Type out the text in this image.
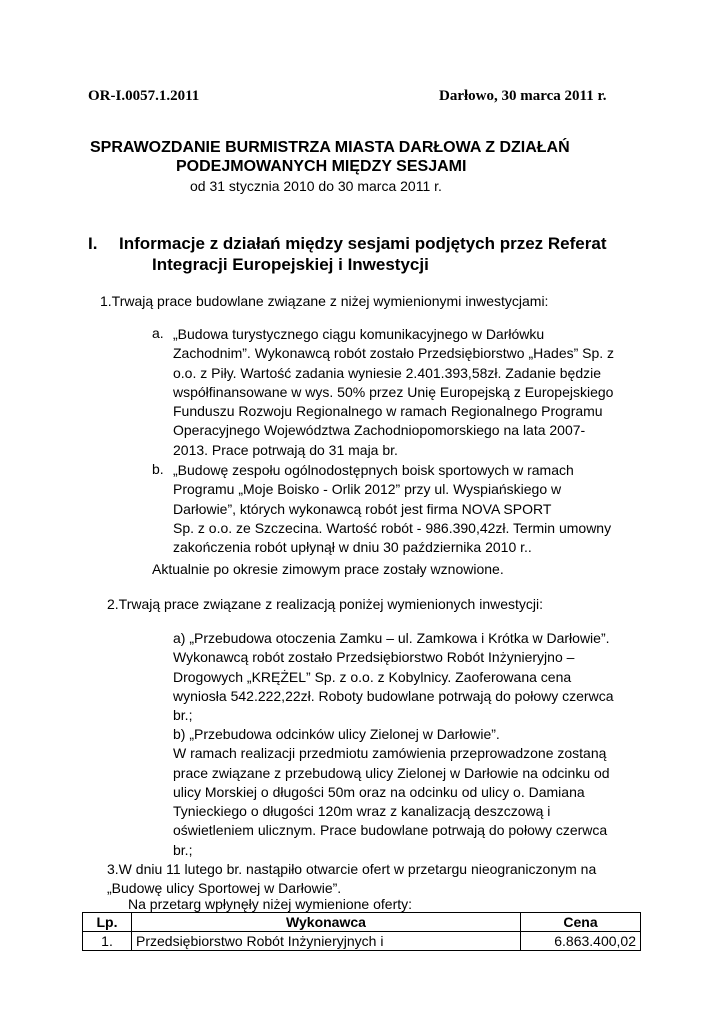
OR-I.0057.1.2011	Darłowo, 30 marca 2011 r.
SPRAWOZDANIE BURMISTRZA MIASTA DARŁOWA Z DZIAŁAŃ
PODEJMOWANYCH MIĘDZY SESJAMI
od 31 stycznia 2010 do 30 marca 2011 r.
I. Informacje z działań między sesjami podjętych przez Referat
Integracji Europejskiej i Inwestycji
1.Trwają prace budowlane związane z niżej wymienionymi inwestycjami:
a. „Budowa turystycznego ciągu komunikacyjnego w Darłówku
Zachodnim”. Wykonawcą robót zostało Przedsiębiorstwo „Hades” Sp. z
o.o. z Piły. Wartość zadania wyniesie 2.401.393,58zł. Zadanie będzie
współfinansowane w wys. 50% przez Unię Europejską z Europejskiego
Funduszu Rozwoju Regionalnego w ramach Regionalnego Programu
Operacyjnego Województwa Zachodniopomorskiego na lata 2007-
2013. Prace potrwają do 31 maja br.
b. „Budowę zespołu ogólnodostępnych boisk sportowych w ramach
Programu „Moje Boisko - Orlik 2012” przy ul. Wyspiańskiego w
Darłowie”, których wykonawcą robót jest firma NOVA SPORT
Sp. z o.o. ze Szczecina. Wartość robót - 986.390,42zł. Termin umowny
zakończenia robót upłynął w dniu 30 października 2010 r..
Aktualnie po okresie zimowym prace zostały wznowione.
2.Trwają prace związane z realizacją poniżej wymienionych inwestycji:
a) „Przebudowa otoczenia Zamku – ul. Zamkowa i Krótka w Darłowie”.
Wykonawcą robót zostało Przedsiębiorstwo Robót Inżynieryjno –
Drogowych „KRĘŻEL” Sp. z o.o. z Kobylnicy. Zaoferowana cena
wyniosła 542.222,22zł. Roboty budowlane potrwają do połowy czerwca
br.;
b) „Przebudowa odcinków ulicy Zielonej w Darłowie”.
W ramach realizacji przedmiotu zamówienia przeprowadzone zostaną
prace związane z przebudową ulicy Zielonej w Darłowie na odcinku od
ulicy Morskiej o długości 50m oraz na odcinku od ulicy o. Damiana
Tynieckiego o długości 120m wraz z kanalizacją deszczową i
oświetleniem ulicznym. Prace budowlane potrwają do połowy czerwca
br.;
3.W dniu 11 lutego br. nastąpiło otwarcie ofert w przetargu nieograniczonym na
„Budowę ulicy Sportowej w Darłowie”.
Na przetarg wpłynęły niżej wymienione oferty:
Lp.	Wykonawca	Cena
1.	Przedsiębiorstwo Robót Inżynieryjnych i	6.863.400,02
